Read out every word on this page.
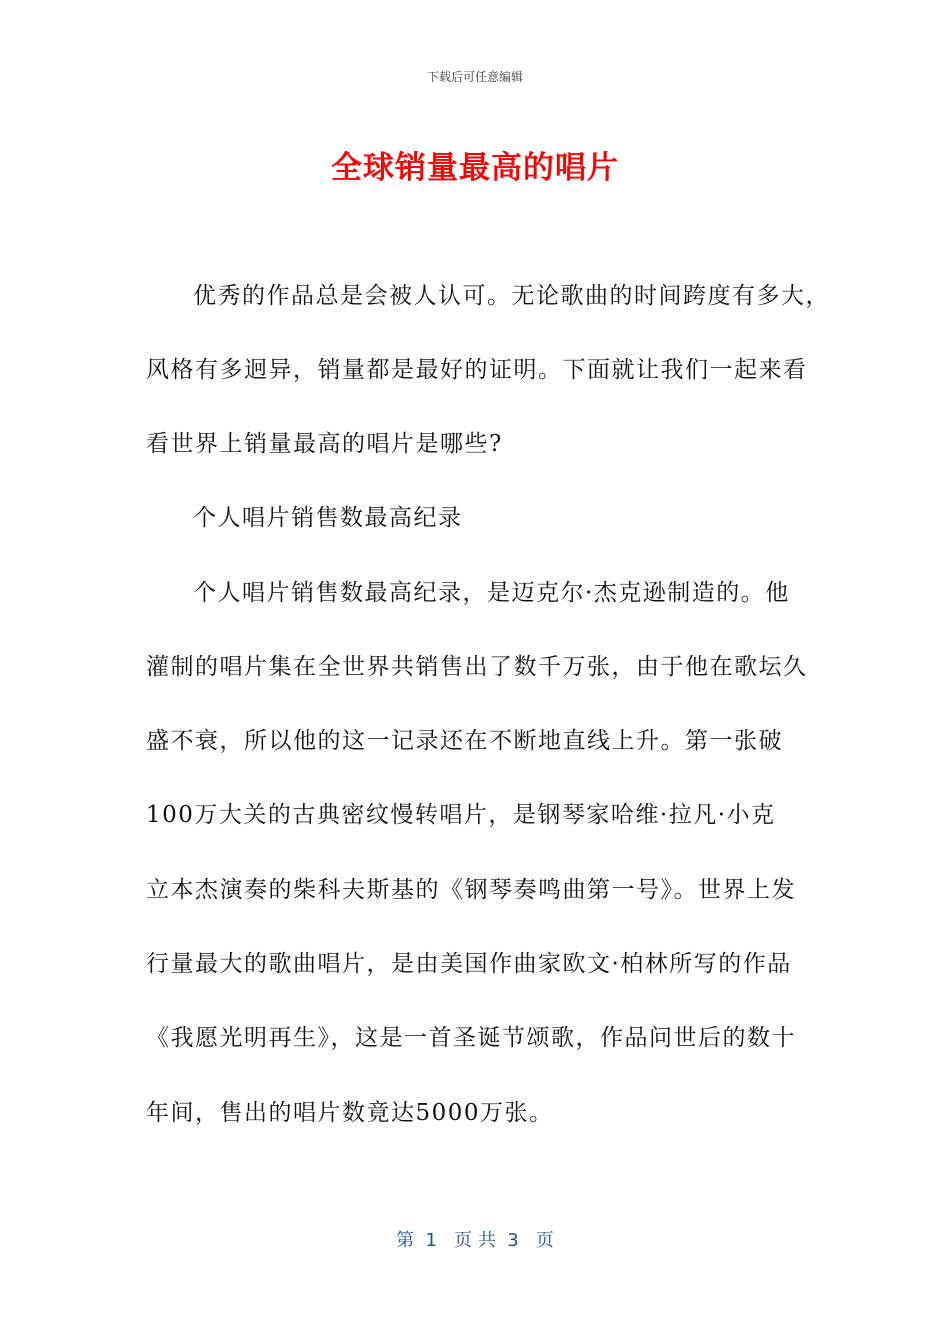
下载后可任意编辑
全球销量最高的唱片
优秀的作品总是会被人认可。无论歌曲的时间跨度有多大，
风格有多迥异，销量都是最好的证明。下面就让我们一起来看
看世界上销量最高的唱片是哪些?
个人唱片销售数最高纪录
个人唱片销售数最高纪录，是迈克尔·杰克逊制造的。他
灌制的唱片集在全世界共销售出了数千万张，由于他在歌坛久
盛不衰，所以他的这一记录还在不断地直线上升。第一张破
100万大关的古典密纹慢转唱片，是钢琴家哈维·拉凡·小克
立本杰演奏的柴科夫斯基的《钢琴奏鸣曲第一号》。世界上发
行量最大的歌曲唱片，是由美国作曲家欧文·柏林所写的作品
《我愿光明再生》，这是一首圣诞节颂歌，作品问世后的数十
年间，售出的唱片数竟达5000万张。
第  1   页 共  3   页
